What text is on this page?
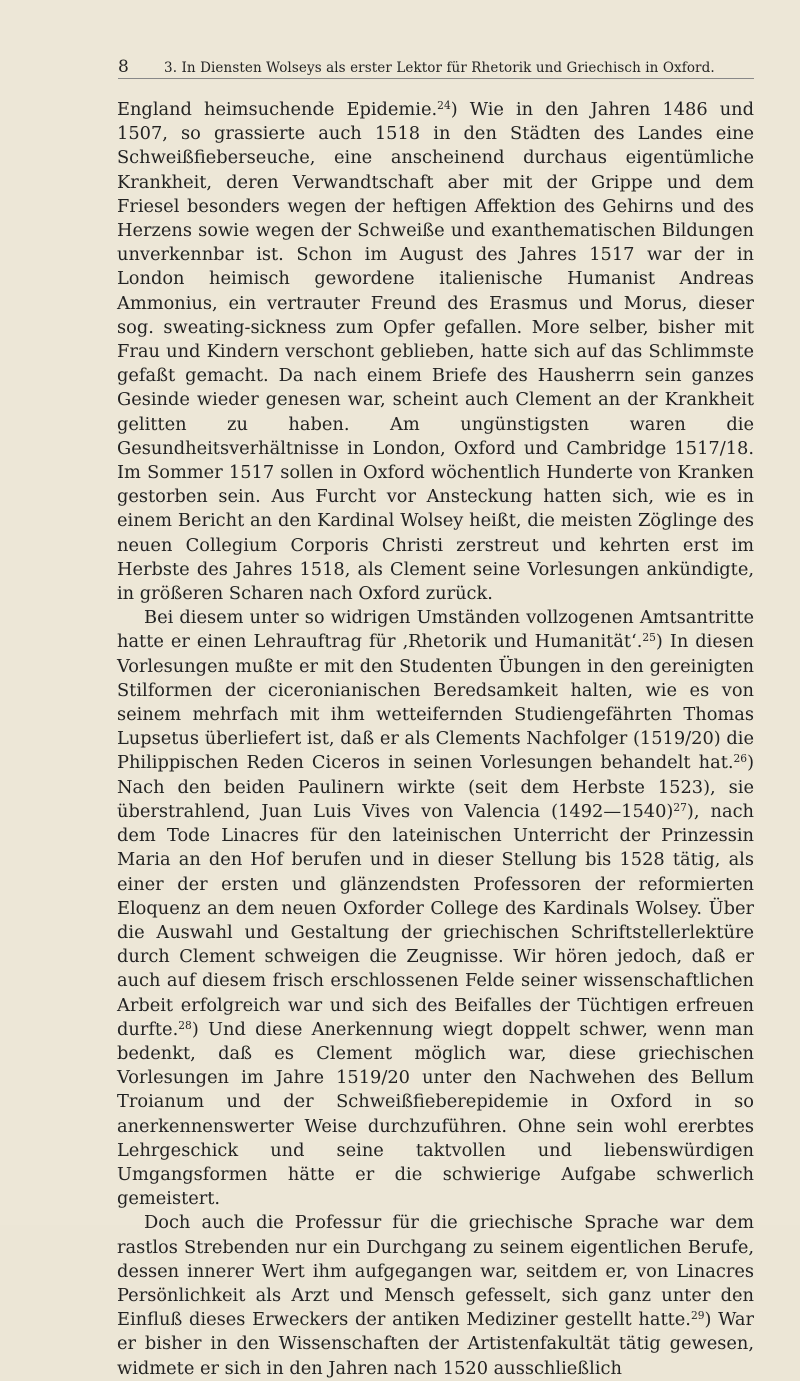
8	3. In Diensten Wolseys als erster Lektor für Rhetorik und Griechisch in Oxford.

England heimsuchende Epidemie.$^{24}$) Wie in den Jahren 1486 und 1507, so grassierte auch 1518 in den Städten des Landes eine Schweißfieberseuche, eine anscheinend durchaus eigentümliche Krankheit, deren Verwandtschaft aber mit der Grippe und dem Friesel besonders wegen der heftigen Affektion des Gehirns und des Herzens sowie wegen der Schweiße und exanthematischen Bildungen unverkennbar ist. Schon im August des Jahres 1517 war der in London heimisch gewordene italienische Humanist Andreas Ammonius, ein vertrauter Freund des Erasmus und Morus, dieser sog. sweating-sickness zum Opfer gefallen. More selber, bisher mit Frau und Kindern verschont geblieben, hatte sich auf das Schlimmste gefaßt gemacht. Da nach einem Briefe des Hausherrn sein ganzes Gesinde wieder genesen war, scheint auch Clement an der Krankheit gelitten zu haben. Am ungünstigsten waren die Gesundheitsverhältnisse in London, Oxford und Cambridge 1517/18. Im Sommer 1517 sollen in Oxford wöchentlich Hunderte von Kranken gestorben sein. Aus Furcht vor Ansteckung hatten sich, wie es in einem Bericht an den Kardinal Wolsey heißt, die meisten Zöglinge des neuen Collegium Corporis Christi zerstreut und kehrten erst im Herbste des Jahres 1518, als Clement seine Vorlesungen ankündigte, in größeren Scharen nach Oxford zurück.

Bei diesem unter so widrigen Umständen vollzogenen Amtsantritte hatte er einen Lehrauftrag für ‚Rhetorik und Humanität‘.$^{25}$) In diesen Vorlesungen mußte er mit den Studenten Übungen in den gereinigten Stilformen der ciceronianischen Beredsamkeit halten, wie es von seinem mehrfach mit ihm wetteifernden Studiengefährten Thomas Lupsetus überliefert ist, daß er als Clements Nachfolger (1519/20) die Philippischen Reden Ciceros in seinen Vorlesungen behandelt hat.$^{26}$) Nach den beiden Paulinern wirkte (seit dem Herbste 1523), sie überstrahlend, Juan Luis Vives von Valencia (1492—1540)$^{27}$), nach dem Tode Linacres für den lateinischen Unterricht der Prinzessin Maria an den Hof berufen und in dieser Stellung bis 1528 tätig, als einer der ersten und glänzendsten Professoren der reformierten Eloquenz an dem neuen Oxforder College des Kardinals Wolsey. Über die Auswahl und Gestaltung der griechischen Schriftstellerlektüre durch Clement schweigen die Zeugnisse. Wir hören jedoch, daß er auch auf diesem frisch erschlossenen Felde seiner wissenschaftlichen Arbeit erfolgreich war und sich des Beifalles der Tüchtigen erfreuen durfte.$^{28}$) Und diese Anerkennung wiegt doppelt schwer, wenn man bedenkt, daß es Clement möglich war, diese griechischen Vorlesungen im Jahre 1519/20 unter den Nachwehen des Bellum Troianum und der Schweißfieberepidemie in Oxford in so anerkennenswerter Weise durchzuführen. Ohne sein wohl ererbtes Lehrgeschick und seine taktvollen und liebenswürdigen Umgangsformen hätte er die schwierige Aufgabe schwerlich gemeistert.

Doch auch die Professur für die griechische Sprache war dem rastlos Strebenden nur ein Durchgang zu seinem eigentlichen Berufe, dessen innerer Wert ihm aufgegangen war, seitdem er, von Linacres Persönlichkeit als Arzt und Mensch gefesselt, sich ganz unter den Einfluß dieses Erweckers der antiken Mediziner gestellt hatte.$^{29}$) War er bisher in den Wissenschaften der Artistenfakultät tätig gewesen, widmete er sich in den Jahren nach 1520 ausschließlich
